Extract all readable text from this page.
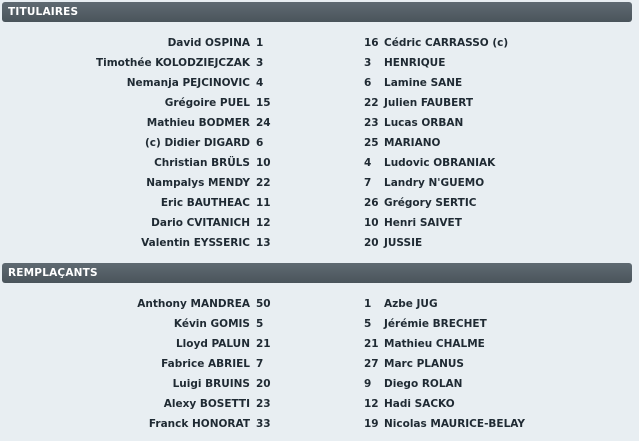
TITULAIRES
David OSPINA 1	16 Cédric CARRASSO (c)
Timothée KOLODZIEJCZAK 3	3 HENRIQUE
Nemanja PEJCINOVIC 4	6 Lamine SANE
Grégoire PUEL 15	22 Julien FAUBERT
Mathieu BODMER 24	23 Lucas ORBAN
(c) Didier DIGARD 6	25 MARIANO
Christian BRÜLS 10	4 Ludovic OBRANIAK
Nampalys MENDY 22	7 Landry N'GUEMO
Eric BAUTHEAC 11	26 Grégory SERTIC
Dario CVITANICH 12	10 Henri SAIVET
Valentin EYSSERIC 13	20 JUSSIE
REMPLAÇANTS
Anthony MANDREA 50	1 Azbe JUG
Kévin GOMIS 5	5 Jérémie BRECHET
Lloyd PALUN 21	21 Mathieu CHALME
Fabrice ABRIEL 7	27 Marc PLANUS
Luigi BRUINS 20	9 Diego ROLAN
Alexy BOSETTI 23	12 Hadi SACKO
Franck HONORAT 33	19 Nicolas MAURICE-BELAY
